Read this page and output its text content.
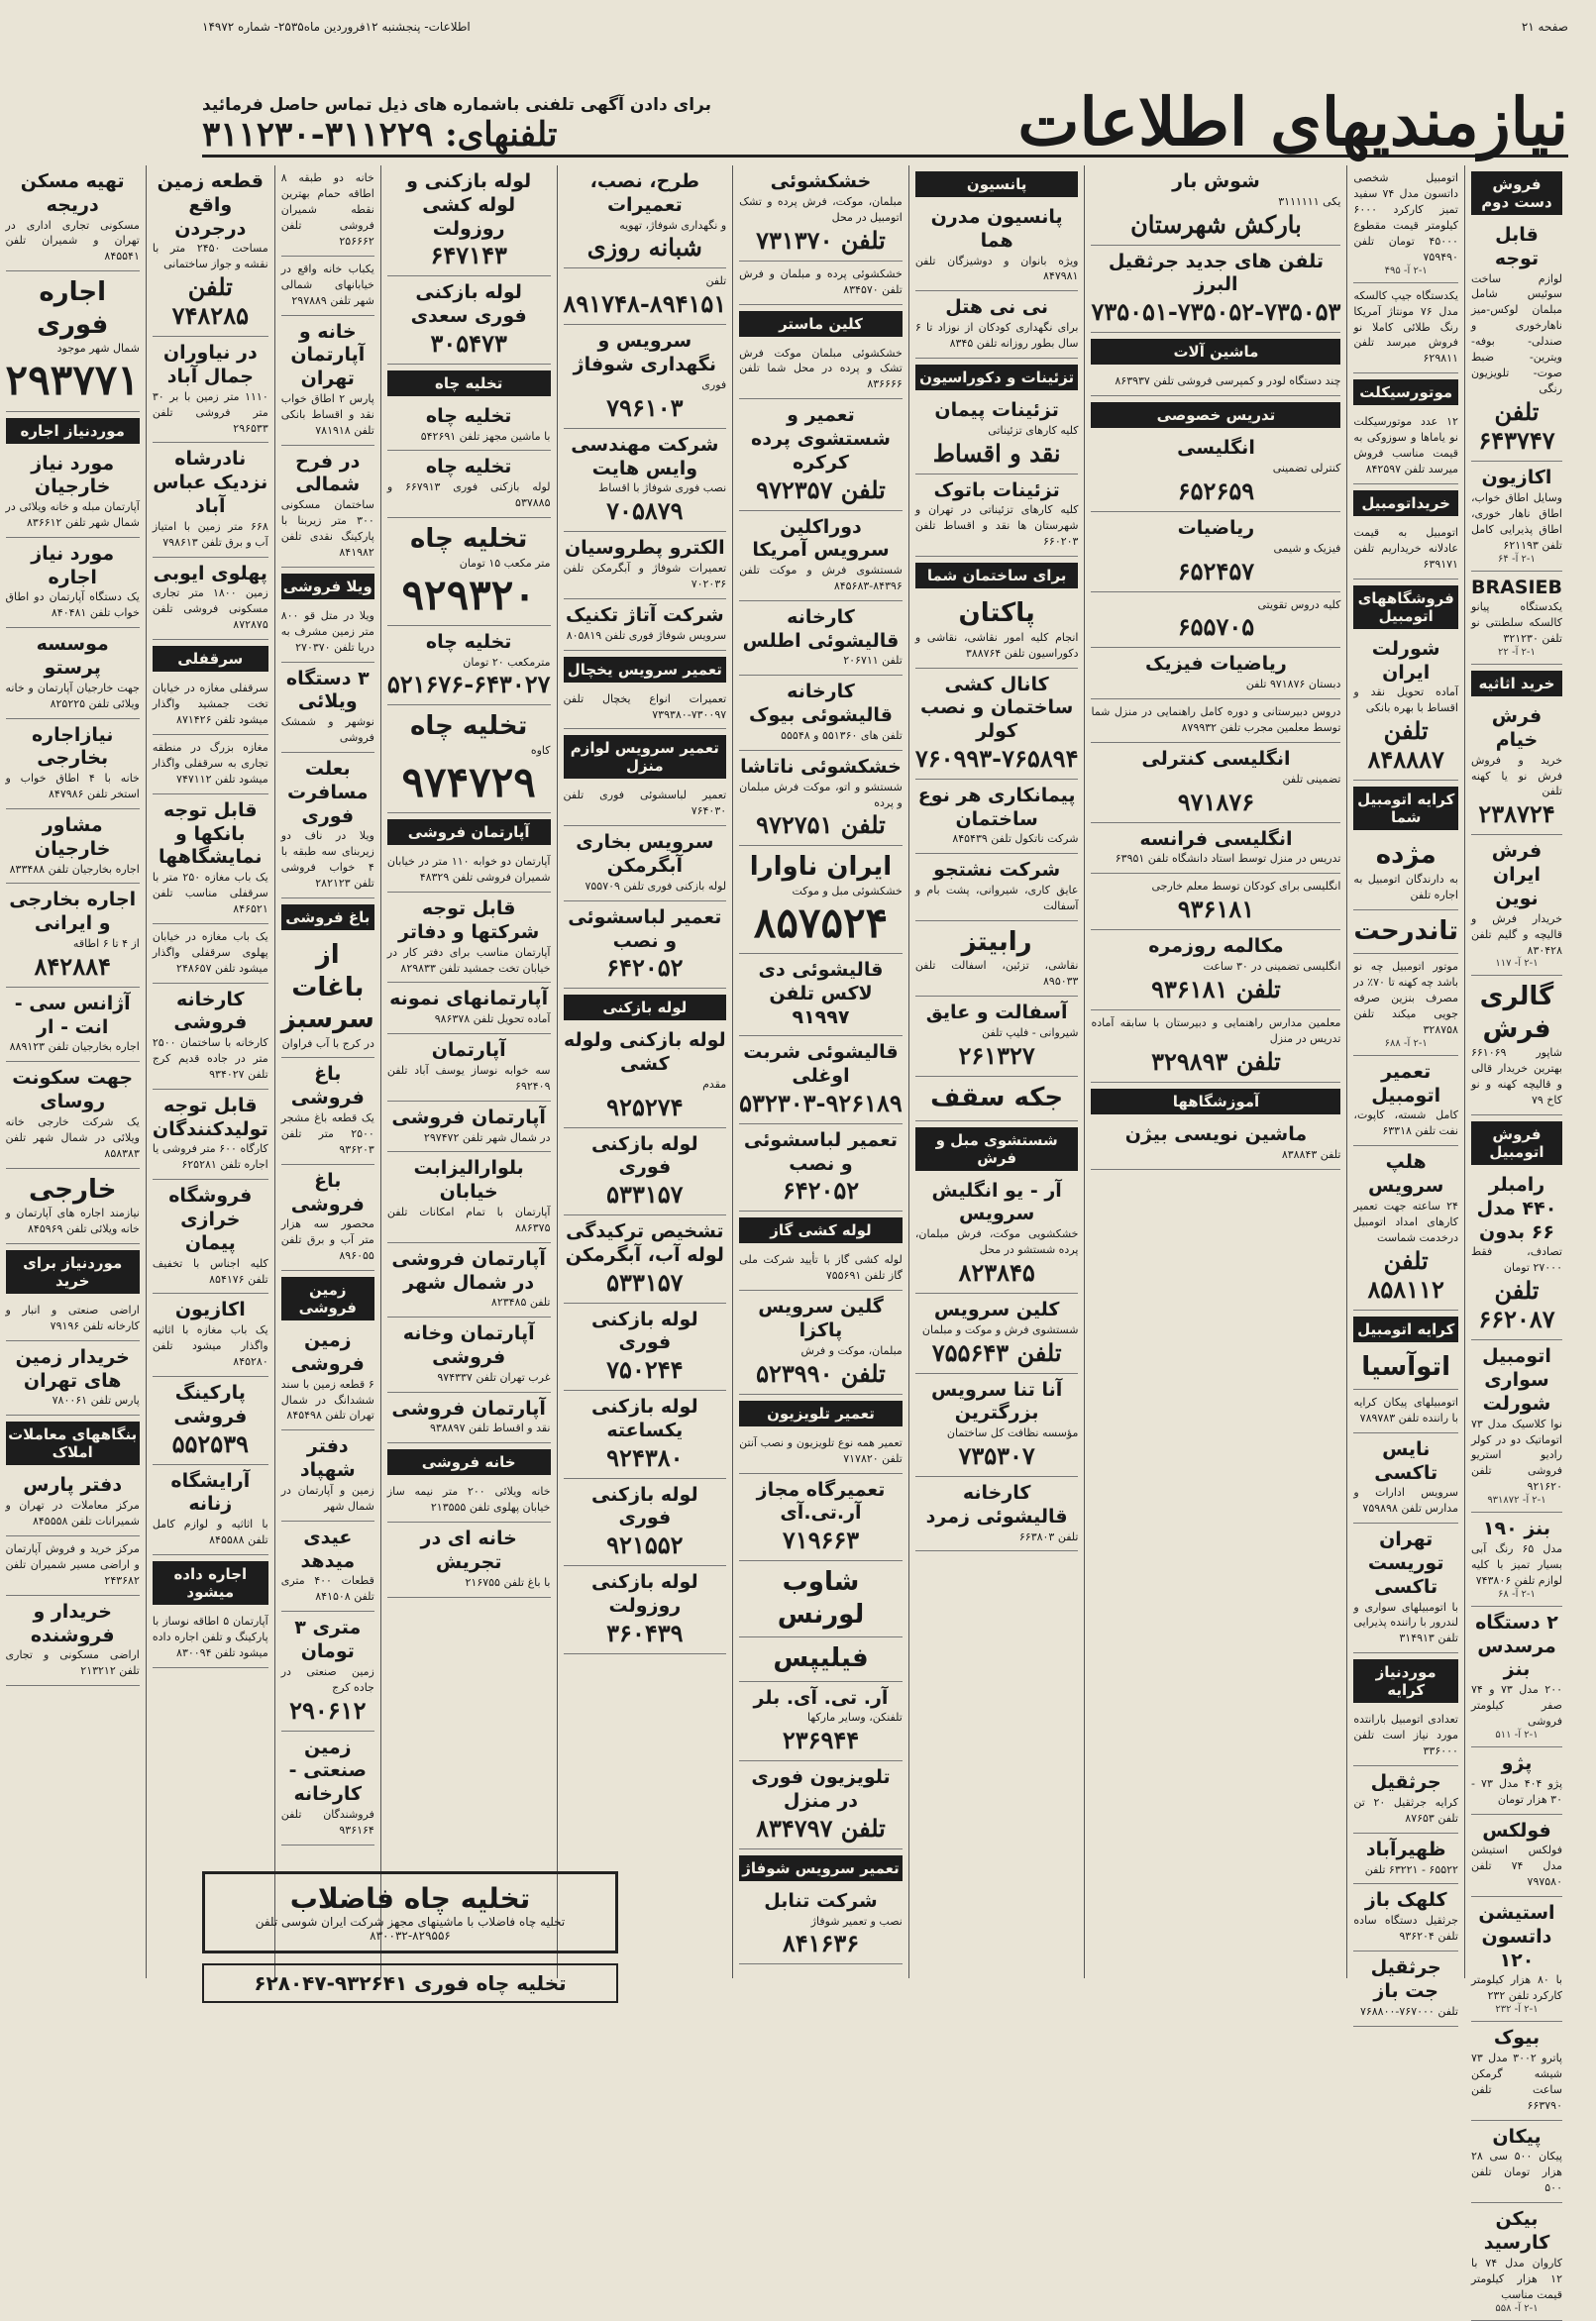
صفحه ۲۱
اطلاعات- پنجشنبه ۱۲فروردین ماه۲۵۳۵- شماره ۱۴۹۷۲
نیازمندیهای اطلاعات
برای دادن آگهی تلفنی باشماره های ذیل تماس حاصل فرمائید
تلفنهای: ۳۱۱۲۲۹-۳۱۱۲۳۰
فروش دست دوم
قابل توجه
لوازم ساخت سوئیس شامل مبلمان لوکس-میز ناهارخوری و صندلی- بوفه- ویترین- ضبط صوت- تلویزیون رنگی
تلفن ۶۴۳۷۴۷
اکازیون
وسایل اطاق خواب، اطاق ناهار خوری، اطاق پذیرایی کامل تلفن ۶۲۱۱۹۳
۲-۱ آ- ۶۴
BRASIEB
یکدستگاه پیانو کالسکه سلطنتی نو تلفن ۳۲۱۲۳۰
۲-۱ آ- ۲۲
خرید اثاثیه
فرش خیام
خرید و فروش فرش نو یا کهنه تلفن
۲۳۸۷۲۴
فرش ایران نوین
خریدار فرش و قالیچه و گلیم تلفن ۸۳۰۴۲۸
۲-۱ آ- ۱۱۷
گالری فرش
شاپور ۶۶۱۰۶۹ بهترین خریدار قالی و قالیچه کهنه و نو کاخ ۷۹
فروش اتومبیل
رامبلر ۴۴۰ مدل ۶۶ بدون
تصادف، فقط ۲۷۰۰۰ تومان
تلفن ۶۶۲۰۸۷
اتومبیل سواری شورلت
نوا کلاسیک مدل ۷۳ اتوماتیک دو در کولر رادیو استریو فروشی تلفن ۹۲۱۶۲۰
۲-۱ آ- ۹۳۱۸۷۲
بنز ۱۹۰
مدل ۶۵ رنگ آبی بسیار تمیز با کلیه لوازم تلفن ۷۴۳۸۰۶
۲-۱ آ- ۶۸
۲ دستگاه مرسدس بنز
۲۰۰ مدل ۷۳ و ۷۴ صفر کیلومتر فروشی
۲-۱ آ- ۵۱۱
پژو
پژو ۴۰۴ مدل ۷۳ - ۳۰ هزار تومان
فولکس
فولکس استیشن مدل ۷۴ تلفن ۷۹۷۵۸۰
استیشن داتسون ۱۲۰
با ۸۰ هزار کیلومتر کارکرد تلفن ۲۳۲
۲-۱ آ- ۲۳۲
بیوک
پاترو ۳۰۰۲ مدل ۷۳ شیشه گرمکن ساعت تلفن ۶۶۳۷۹۰
پیکان
پیکان ۵۰۰ سی ۲۸ هزار تومان تلفن ۵۰۰
بیکن کارسید
کاروان مدل ۷۴ با ۱۲ هزار کیلومتر قیمت مناسب
۲-۱ آ- ۵۵۸
اتومبیل شخصی داتسون مدل ۷۴ سفید تمیز کارکرد ۶۰۰۰ کیلومتر قیمت مقطوع ۴۵۰۰۰ تومان تلفن ۷۵۹۴۹۰
۲-۱ آ- ۴۹۵
یکدستگاه جیپ کالسکه مدل ۷۶ مونتاژ آمریکا رنگ طلائی کاملا نو فروش میرسد تلفن ۶۲۹۸۱۱
موتورسیکلت
۱۲ عدد موتورسیکلت نو یاماها و سوزوکی به قیمت مناسب فروش میرسد تلفن ۸۴۲۵۹۷
خریداتومبیل
اتومبیل به قیمت عادلانه خریداریم تلفن ۶۳۹۱۷۱
فروشگاههای اتومبیل
شورلت ایران
آماده تحویل نقد و اقساط با بهره بانکی
تلفن ۸۴۸۸۸۷
کرایه اتومبیل شما
مژده
به دارندگان اتومبیل به اجاره تلفن
تاندرحت
موتور اتومبیل چه نو باشد چه کهنه تا ۷۰٪ در مصرف بنزین صرفه جویی میکند تلفن ۳۲۸۷۵۸
۲-۱ آ- ۶۸۸
تعمیر اتومبیل
کامل شسته، کاپوت، نفت تلفن ۶۳۳۱۸
هلپ سرویس
۲۴ ساعته جهت تعمیر کارهای امداد اتومبیل درخدمت شماست
تلفن ۸۵۸۱۱۲
کرایه اتومبیل
اتوآسیا
اتومبیلهای پیکان کرایه با راننده تلفن ۷۸۹۷۸۳
نایس تاکسی
سرویس ادارات و مدارس تلفن ۷۵۹۸۹۸
تهران توریست تاکسی
با اتومبیلهای سواری و لندرور با راننده پذیرایی تلفن ۳۱۴۹۱۳
موردنیاز کرایه
تعدادی اتومبیل بارانتده مورد نیاز است تلفن ۳۳۶۰۰۰
جرثقیل
کرایه جرثقیل ۲۰ تن تلفن ۸۷۶۵۳
ظهیرآباد
۶۵۵۲۲ - ۶۳۲۲۱ تلفن
کلهک باز
جرثقیل دستگاه ساده تلفن ۹۳۶۲۰۴
جرثقیل جت باز
تلفن ۷۶۷۰۰۰-۷۶۸۸۰۰
شوش بار
یکی ۳۱۱۱۱۱۱
بارکش شهرستان
تلفن های جدید جرثقیل البرز
۷۳۵۰۵۱-۷۳۵۰۵۲-۷۳۵۰۵۳
ماشین آلات
چند دستگاه لودر و کمپرسی فروشی تلفن ۸۶۳۹۳۷
تدریس خصوصی
انگلیسی
کنترلی تضمینی
۶۵۲۶۵۹
ریاضیات
فیزیک و شیمی
۶۵۲۴۵۷
کلیه دروس تقویتی
۶۵۵۷۰۵
ریاضیات فیزیک
دبستان ۹۷۱۸۷۶ تلفن
دروس دبیرستانی و دوره کامل راهنمایی در منزل شما توسط معلمین مجرب تلفن ۸۷۹۹۳۲
انگلیسی کنترلی
تضمینی تلفن
۹۷۱۸۷۶
انگلیسی فرانسه
تدریس در منزل توسط استاد دانشگاه تلفن ۶۳۹۵۱
انگلیسی برای کودکان توسط معلم خارجی
۹۳۶۱۸۱
مکالمه روزمره
انگلیسی تضمینی در ۳۰ ساعت
تلفن ۹۳۶۱۸۱
معلمین مدارس راهنمایی و دبیرستان با سابقه آماده تدریس در منزل
تلفن ۳۲۹۸۹۳
آموزشگاهها
ماشین نویسی بیژن
تلفن ۸۳۸۸۴۳
پانسیون
پانسیون مدرن هما
ویژه بانوان و دوشیزگان تلفن ۸۴۷۹۸۱
نی نی هتل
برای نگهداری کودکان از نوزاد تا ۶ سال بطور روزانه تلفن ۸۳۴۵
تزئینات و دکوراسیون
تزئینات پیمان
کلیه کارهای تزئیناتی
نقد و اقساط
تزئینات باتوک
کلیه کارهای تزئیناتی در تهران و شهرستان ها نقد و اقساط تلفن ۶۶۰۲۰۳
برای ساختمان شما
پاکتان
انجام کلیه امور نقاشی، نقاشی و دکوراسیون تلفن ۳۸۸۷۶۴
کانال کشی ساختمان و نصب کولر
۷۶۰۹۹۳-۷۶۵۸۹۴
پیمانکاری هر نوع ساختمان
شرکت ناتکول تلفن ۸۴۵۴۳۹
شرکت نشتجو
عایق کاری، شیروانی، پشت بام و آسفالت
رابیتز
نقاشی، تزئین، اسفالت تلفن ۸۹۵۰۳۳
آسفالت و عایق
شیروانی - فلیپ تلفن
۲۶۱۳۲۷
جکه سقف
شستشوی مبل و فرش
آر - یو انگلیش سرویس
خشکشویی موکت، فرش مبلمان، پرده شستشو در محل
۸۲۳۸۴۵
کلین سرویس
شستشوی فرش و موکت و مبلمان
تلفن ۷۵۵۶۴۳
آنا تنا سرویس بزرگترین
مؤسسه نظافت کل ساختمان
۷۳۵۳۰۷
کارخانه قالیشوئی زمرد
تلفن ۶۶۳۸۰۳
خشکشوئی
مبلمان، موکت، فرش پرده و تشک اتومبیل در محل
تلفن ۷۳۱۳۷۰
خشکشوئی پرده و مبلمان و فرش تلفن ۸۳۴۵۷۰
کلین ماستر
خشکشوئی مبلمان موکت فرش تشک و پرده در محل شما تلفن ۸۳۶۶۶۶
تعمیر و شستشوی پرده کرکره
تلفن ۹۷۲۳۵۷
دوراکلین سرویس آمریکا
شستشوی فرش و موکت تلفن ۸۴۳۹۶-۸۴۵۶۸۳
کارخانه قالیشوئی اطلس
تلفن ۲۰۶۷۱۱
کارخانه قالیشوئی بیوک
تلفن های ۵۵۱۳۶۰ و ۵۵۵۴۸
خشکشوئی ناتاشا
شستشو و اتو، موکت فرش مبلمان و پرده
تلفن ۹۷۲۷۵۱
ایران ناوارا
خشکشوئی مبل و موکت
۸۵۷۵۲۴
قالیشوئی دی لاکس تلفن ۹۱۹۹۷
قالیشوئی شربت اوغلی
۵۳۲۳۰۳-۹۲۶۱۸۹
تعمیر لباسشوئی و نصب
۶۴۲۰۵۲
لوله کشی گاز
لوله کشی گاز با تأیید شرکت ملی گاز تلفن ۷۵۵۶۹۱
گلین سرویس پاکزا
مبلمان، موکت و فرش
تلفن ۵۲۳۹۹۰
تعمیر تلویزیون
تعمیر همه نوع تلویزیون و نصب آنتن تلفن ۷۱۷۸۲۰
تعمیرگاه مجاز آر.تی.آی
۷۱۹۶۶۳
شاوب لورنس
فیلیپس
آر. تی. آی. بلر
تلفنکن، وسایر مارکها
۲۳۶۹۴۴
تلویزیون فوری در منزل
تلفن ۸۳۴۷۹۷
تعمیر سرویس شوفاژ
شرکت تنابل
نصب و تعمیر شوفاژ
۸۴۱۶۳۶
طرح، نصب، تعمیرات
و نگهداری شوفاژ، تهویه
شبانه روزی
تلفن
۸۹۱۷۴۸-۸۹۴۱۵۱
سرویس و نگهداری شوفاژ
فوری
۷۹۶۱۰۳
شرکت مهندسی وایس هایت
نصب فوری شوفاژ با اقساط
۷۰۵۸۷۹
الکترو پطروسیان
تعمیرات شوفاژ و آبگرمکن تلفن ۷۰۲۰۳۶
شرکت آتاژ تکنیک
سرویس شوفاژ فوری تلفن ۸۰۵۸۱۹
تعمیر سرویس یخچال
تعمیرات انواع یخچال تلفن ۷۳۰۰۹۷-۷۳۹۳۸۰
تعمیر سرویس لوازم منزل
تعمیر لباسشوئی فوری تلفن ۷۶۴۰۳۰
سرویس بخاری آبگرمکن
لوله بازکنی فوری تلفن ۷۵۵۷۰۹
تعمیر لباسشوئی و نصب
۶۴۲۰۵۲
لوله بازکنی
لوله بازکنی ولوله کشی
مقدم
۹۲۵۲۷۴
لوله بازکنی فوری
۵۳۳۱۵۷
تشخیص ترکیدگی لوله آب، آبگرمکن
۵۳۳۱۵۷
لوله بازکنی فوری
۷۵۰۲۴۴
لوله بازکنی یکساعته
۹۲۴۳۸۰
لوله بازکنی فوری
۹۲۱۵۵۲
لوله بازکنی روزولت
۳۶۰۴۳۹
لوله بازکنی و لوله کشی روزولت
۶۴۷۱۴۳
لوله بازکنی فوری سعدی
۳۰۵۴۷۳
تخلیه چاه
تخلیه چاه
با ماشین مجهز تلفن ۵۴۲۶۹۱
تخلیه چاه
لوله بازکنی فوری ۶۶۷۹۱۳ و ۵۳۷۸۸۵
تخلیه چاه
متر مکعب ۱۵ تومان
۹۲۹۳۲۰
تخلیه چاه
مترمکعب ۲۰ تومان
۵۲۱۶۷۶-۶۴۳۰۲۷
تخلیه چاه
کاوه
۹۷۴۷۲۹
آپارتمان فروشی
آپارتمان دو خوابه ۱۱۰ متر در خیابان شمیران فروشی تلفن ۴۸۳۲۹
قابل توجه شرکتها و دفاتر
آپارتمان مناسب برای دفتر کار در خیابان تخت جمشید تلفن ۸۲۹۸۳۳
آپارتمانهای نمونه
آماده تحویل تلفن ۹۸۶۳۷۸
آپارتمان
سه خوابه نوساز یوسف آباد تلفن ۶۹۲۴۰۹
آپارتمان فروشی
در شمال شهر تلفن ۲۹۷۴۷۲
بلوارالیزابت خیابان
آپارتمان با تمام امکانات تلفن ۸۸۶۳۷۵
آپارتمان فروشی در شمال شهر
تلفن ۸۲۳۴۸۵
آپارتمان وخانه فروشی
غرب تهران تلفن ۹۷۴۳۳۷
آپارتمان فروشی
نقد و اقساط تلفن ۹۳۸۸۹۷
خانه فروشی
خانه ویلائی ۲۰۰ متر نیمه ساز خیابان پهلوی تلفن ۲۱۳۵۵۵
خانه ای در تجریش
با باغ تلفن ۲۱۶۷۵۵
خانه دو طبقه ۸ اطاقه حمام بهترین نقطه شمیران فروشی تلفن ۲۵۶۶۶۲
یکباب خانه واقع در خیابانهای شمالی شهر تلفن ۲۹۷۸۸۹
خانه و آپارتمان تهران
پارس ۲ اطاق خواب نقد و اقساط بانکی تلفن ۷۸۱۹۱۸
در فرح شمالی
ساختمان مسکونی ۳۰۰ متر زیربنا با پارکینگ نقدی تلفن ۸۴۱۹۸۲
ویلا فروشی
ویلا در متل قو ۸۰۰ متر زمین مشرف به دریا تلفن ۲۷۰۳۷۰
۳ دستگاه ویلائی
نوشهر و شمشک فروشی
بعلت مسافرت فوری
ویلا در ناف دو زیربنای سه طبقه با ۴ خواب فروشی تلفن ۲۸۲۱۲۳
باغ فروشی
از باغات سرسبز
در کرج با آب فراوان
باغ فروشی
یک قطعه باغ مشجر ۲۵۰۰ متر تلفن ۹۳۶۲۰۳
باغ فروشی
محصور سه هزار متر آب و برق تلفن ۸۹۶۰۵۵
زمین فروشی
زمین فروشی
۶ قطعه زمین با سند ششدانگ در شمال تهران تلفن ۸۴۵۴۹۸
دفتر شهپاد
زمین و آپارتمان در شمال شهر
عیدی میدهد
قطعات ۴۰۰ متری تلفن ۸۴۱۵۰۸
متری ۳ تومان
زمین صنعتی در جاده کرج
۲۹۰۶۱۲
زمین صنعتی - کارخانه
فروشندگان تلفن ۹۳۶۱۶۴
قطعه زمین واقع درجردن
مساحت ۲۴۵۰ متر با نقشه و جواز ساختمانی
تلفن ۷۴۸۲۸۵
در نیاوران جمال آباد
۱۱۱۰ متر زمین با بر ۳۰ متر فروشی تلفن ۲۹۶۵۳۳
نادرشاه نزدیک عباس آباد
۶۶۸ متر زمین با امتیاز آب و برق تلفن ۷۹۸۶۱۳
پهلوی ایوبی
زمین ۱۸۰۰ متر تجاری مسکونی فروشی تلفن ۸۷۲۸۷۵
سرقفلی
سرقفلی مغازه در خیابان تخت جمشید واگذار میشود تلفن ۸۷۱۴۲۶
مغازه بزرگ در منطقه تجاری به سرقفلی واگذار میشود تلفن ۷۴۷۱۱۲
قابل توجه بانکها و نمایشگاهها
یک باب مغازه ۲۵۰ متر با سرقفلی مناسب تلفن ۸۴۶۵۲۱
یک باب مغازه در خیابان پهلوی سرقفلی واگذار میشود تلفن ۲۴۸۶۵۷
کارخانه فروشی
کارخانه با ساختمان ۲۵۰۰ متر در جاده قدیم کرج تلفن ۹۳۴۰۲۷
قابل توجه تولیدکنندگان
کارگاه ۶۰۰ متر فروشی یا اجاره تلفن ۶۲۵۲۸۱
فروشگاه خرازی پیمان
کلیه اجناس با تخفیف تلفن ۸۵۴۱۷۶
اکازیون
یک باب مغازه با اثاثیه واگذار میشود تلفن ۸۴۵۲۸۰
پارکینگ فروشی
۵۵۲۵۳۹
آرایشگاه زنانه
با اثاثیه و لوازم کامل تلفن ۸۴۵۵۸۸
اجاره داده میشود
آپارتمان ۵ اطاقه نوساز با پارکینگ و تلفن اجاره داده میشود تلفن ۸۳۰۰۹۴
تهیه مسکن دریجه
مسکونی تجاری اداری در تهران و شمیران تلفن ۸۴۵۵۴۱
اجاره فوری
شمال شهر موجود
۲۹۳۷۷۱
موردنیاز اجاره
مورد نیاز خارجیان
آپارتمان مبله و خانه ویلائی در شمال شهر تلفن ۸۳۶۶۱۲
مورد نیاز اجاره
یک دستگاه آپارتمان دو اطاق خواب تلفن ۸۴۰۴۸۱
موسسه پرستو
جهت خارجیان آپارتمان و خانه ویلائی تلفن ۸۲۵۲۲۵
نیازاجاره بخارجی
خانه با ۴ اطاق خواب و استخر تلفن ۸۴۷۹۸۶
مشاور خارجیان
اجاره بخارجیان تلفن ۸۳۳۴۸۸
اجاره بخارجی و ایرانی
از ۴ تا ۶ اطاقه
۸۴۲۸۸۴
آژانس سی - انت - ار
اجاره بخارجیان تلفن ۸۸۹۱۲۳
جهت سکونت روسای
یک شرکت خارجی خانه ویلائی در شمال شهر تلفن ۸۵۸۳۸۳
خارجی
نیازمند اجاره های آپارتمان و خانه ویلائی تلفن ۸۴۵۹۶۹
موردنیاز برای خرید
اراضی صنعتی و انبار و کارخانه تلفن ۷۹۱۹۶
خریدار زمین های تهران
پارس تلفن ۷۸۰۰۶۱
بنگاههای معاملات املاک
دفتر پارس
مرکز معاملات در تهران و شمیرانات تلفن ۸۴۵۵۵۸
مرکز خرید و فروش آپارتمان و اراضی مسیر شمیران تلفن ۲۴۳۶۸۲
خریدار و فروشنده
اراضی مسکونی و تجاری تلفن ۲۱۳۲۱۲
تخلیه چاه فاضلاب
تخلیه چاه فاضلاب با ماشینهای مجهز شرکت ایران شوسی تلفن ۸۲۹۵۵۶-۸۳۰۰۳۲
تخلیه چاه فوری ۹۳۲۶۴۱-۶۲۸۰۴۷
